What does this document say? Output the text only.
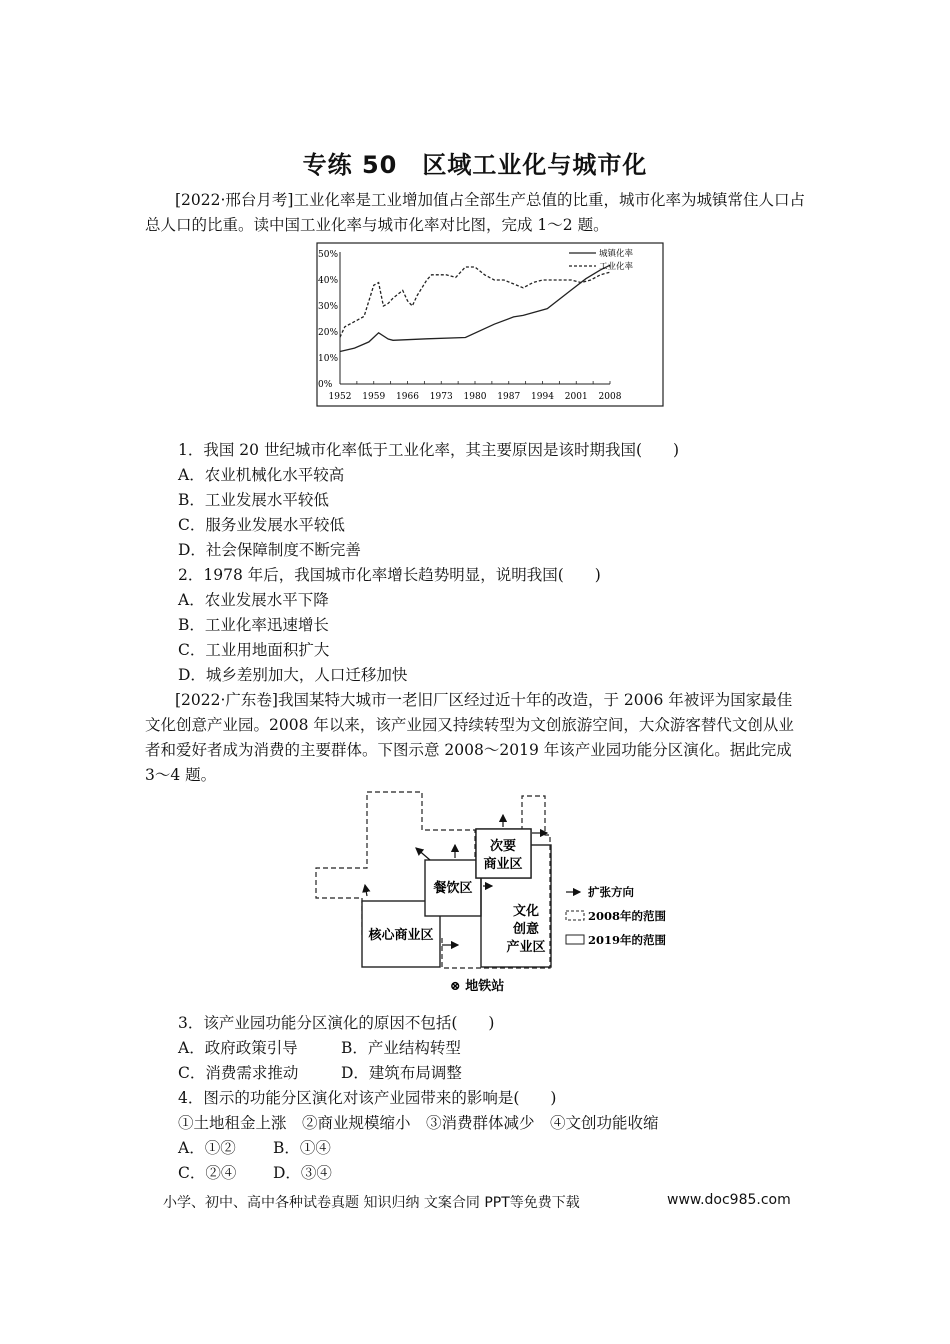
专练 50　区域工业化与城市化
[2022·邢台月考]工业化率是工业增加值占全部生产总值的比重，城市化率为城镇常住人口占总人口的比重。读中国工业化率与城市化率对比图，完成 1～2 题。
50%
40%
30%
20%
10%
0%
1952 1959 1966 1973 1980 1987 1994 2001 2008
城镇化率
工业化率
1．我国 20 世纪城市化率低于工业化率，其主要原因是该时期我国(　　)
A．农业机械化水平较高
B．工业发展水平较低
C．服务业发展水平较低
D．社会保障制度不断完善
2．1978 年后，我国城市化率增长趋势明显，说明我国(　　)
A．农业发展水平下降
B．工业化率迅速增长
C．工业用地面积扩大
D．城乡差别加大，人口迁移加快
[2022·广东卷]我国某特大城市一老旧厂区经过近十年的改造，于 2006 年被评为国家最佳文化创意产业园。2008 年以来，该产业园又持续转型为文创旅游空间，大众游客替代文创从业者和爱好者成为消费的主要群体。下图示意 2008～2019 年该产业园功能分区演化。据此完成 3～4 题。
核心商业区
餐饮区
次要
商业区
文化
创意
产业区
扩张方向
2008年的范围
2019年的范围
⊗ 地铁站
3．该产业园功能分区演化的原因不包括(　　)
A．政府政策引导	B．产业结构转型
C．消费需求推动	D．建筑布局调整
4．图示的功能分区演化对该产业园带来的影响是(　　)
①土地租金上涨　②商业规模缩小　③消费群体减少　④文创功能收缩
A．①② B．①④
C．②④ D．③④
小学、初中、高中各种试卷真题 知识归纳 文案合同 PPT等免费下载	www.doc985.com
